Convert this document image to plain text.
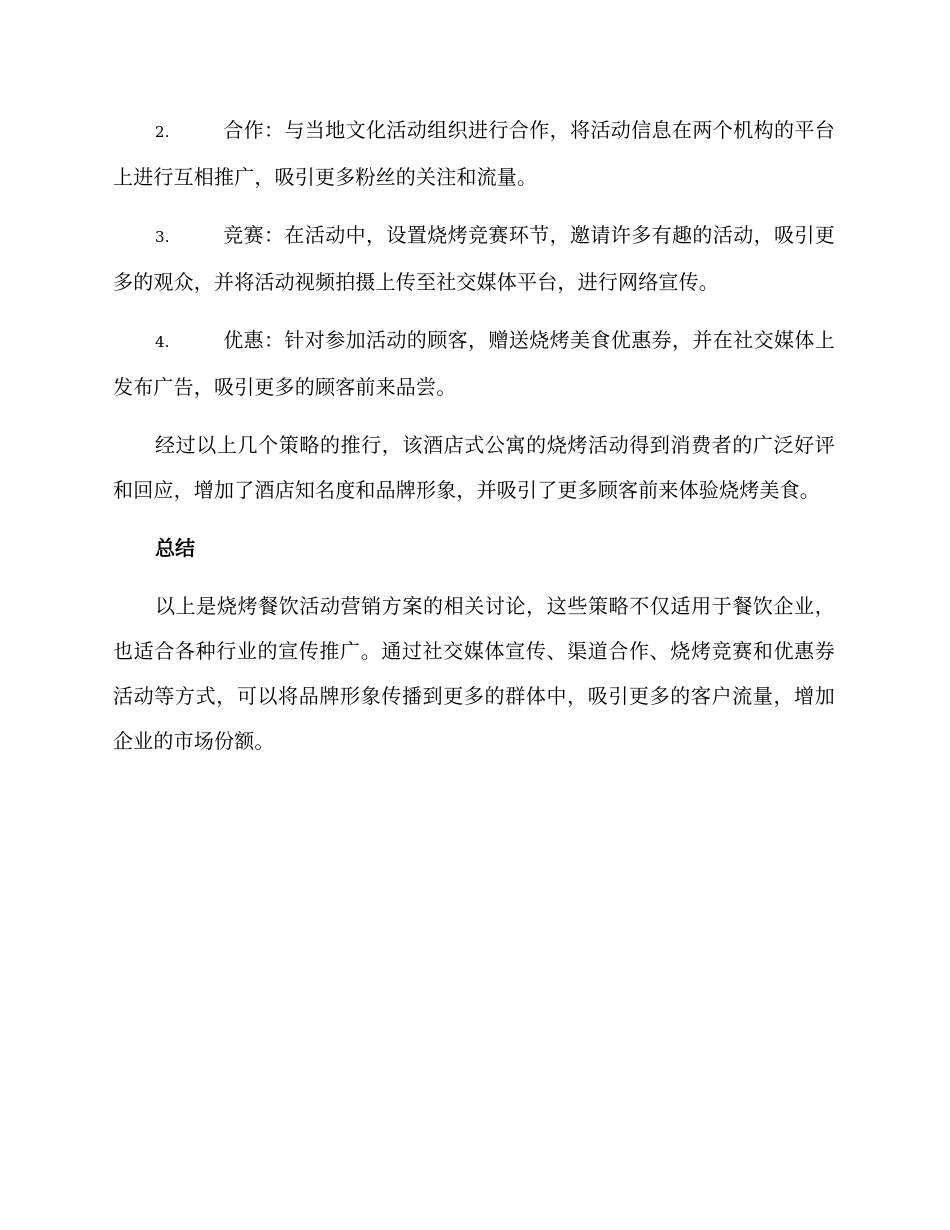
2.	合作：与当地文化活动组织进行合作，将活动信息在两个机构的平台上进行互相推广，吸引更多粉丝的关注和流量。

3.	竞赛：在活动中，设置烧烤竞赛环节，邀请许多有趣的活动，吸引更多的观众，并将活动视频拍摄上传至社交媒体平台，进行网络宣传。

4.	优惠：针对参加活动的顾客，赠送烧烤美食优惠券，并在社交媒体上发布广告，吸引更多的顾客前来品尝。

经过以上几个策略的推行，该酒店式公寓的烧烤活动得到消费者的广泛好评和回应，增加了酒店知名度和品牌形象，并吸引了更多顾客前来体验烧烤美食。

总结

以上是烧烤餐饮活动营销方案的相关讨论，这些策略不仅适用于餐饮企业，也适合各种行业的宣传推广。通过社交媒体宣传、渠道合作、烧烤竞赛和优惠券活动等方式，可以将品牌形象传播到更多的群体中，吸引更多的客户流量，增加企业的市场份额。
